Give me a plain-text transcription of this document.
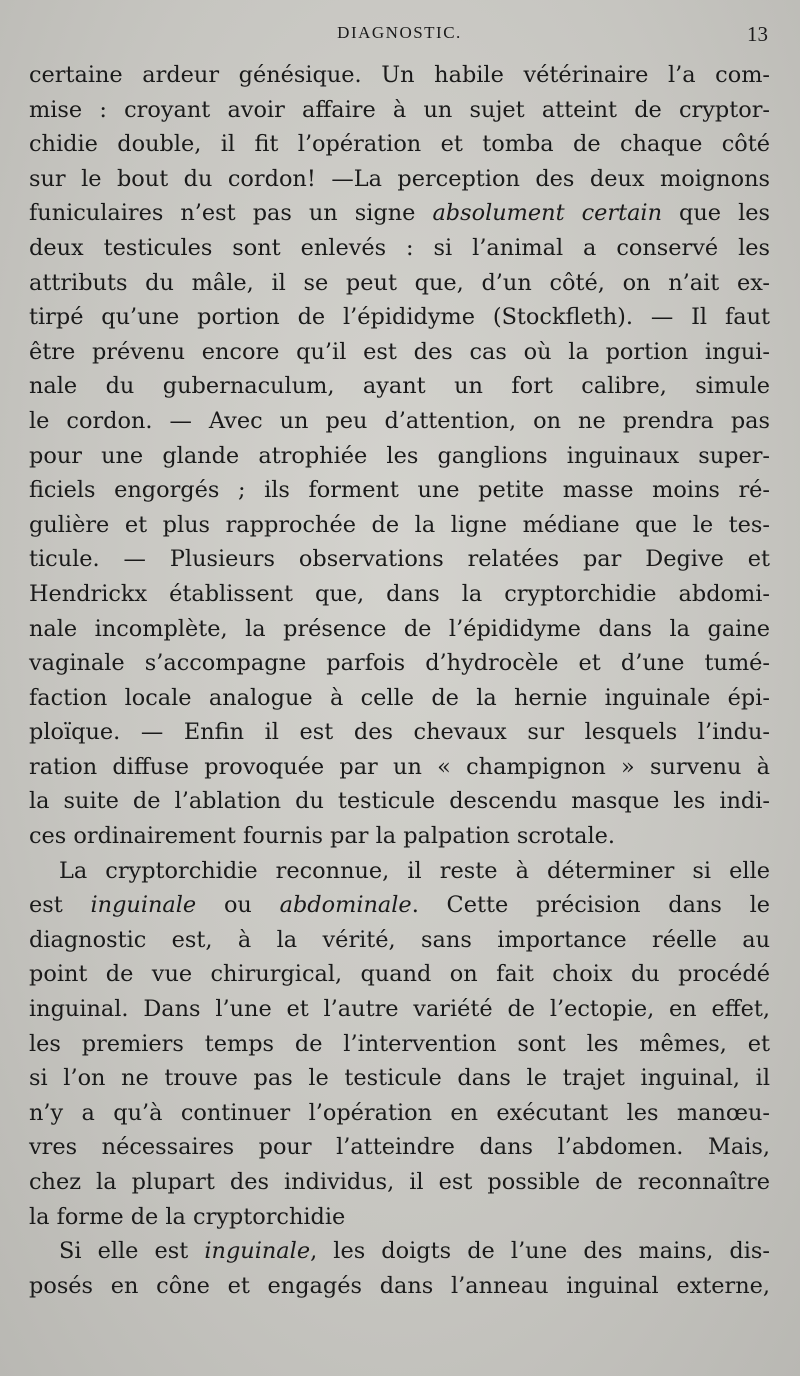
DIAGNOSTIC.	13
certaine ardeur génésique. Un habile vétérinaire l’a com-
mise : croyant avoir affaire à un sujet atteint de cryptor-
chidie double, il fit l’opération et tomba de chaque côté
sur le bout du cordon! —La perception des deux moignons
funiculaires n’est pas un signe absolument certain que les
deux testicules sont enlevés : si l’animal a conservé les
attributs du mâle, il se peut que, d’un côté, on n’ait ex-
tirpé qu’une portion de l’épididyme (Stockfleth). — Il faut
être prévenu encore qu’il est des cas où la portion ingui-
nale du gubernaculum, ayant un fort calibre, simule
le cordon. — Avec un peu d’attention, on ne prendra pas
pour une glande atrophiée les ganglions inguinaux super-
ficiels engorgés ; ils forment une petite masse moins ré-
gulière et plus rapprochée de la ligne médiane que le tes-
ticule. — Plusieurs observations relatées par Degive et
Hendrickx établissent que, dans la cryptorchidie abdomi-
nale incomplète, la présence de l’épididyme dans la gaine
vaginale s’accompagne parfois d’hydrocèle et d’une tumé-
faction locale analogue à celle de la hernie inguinale épi-
ploïque. — Enfin il est des chevaux sur lesquels l’indu-
ration diffuse provoquée par un « champignon » survenu à
la suite de l’ablation du testicule descendu masque les indi-
ces ordinairement fournis par la palpation scrotale.
La cryptorchidie reconnue, il reste à déterminer si elle
est inguinale ou abdominale. Cette précision dans le
diagnostic est, à la vérité, sans importance réelle au
point de vue chirurgical, quand on fait choix du procédé
inguinal. Dans l’une et l’autre variété de l’ectopie, en effet,
les premiers temps de l’intervention sont les mêmes, et
si l’on ne trouve pas le testicule dans le trajet inguinal, il
n’y a qu’à continuer l’opération en exécutant les manœu-
vres nécessaires pour l’atteindre dans l’abdomen. Mais,
chez la plupart des individus, il est possible de reconnaître
la forme de la cryptorchidie
Si elle est inguinale, les doigts de l’une des mains, dis-
posés en cône et engagés dans l’anneau inguinal externe,
